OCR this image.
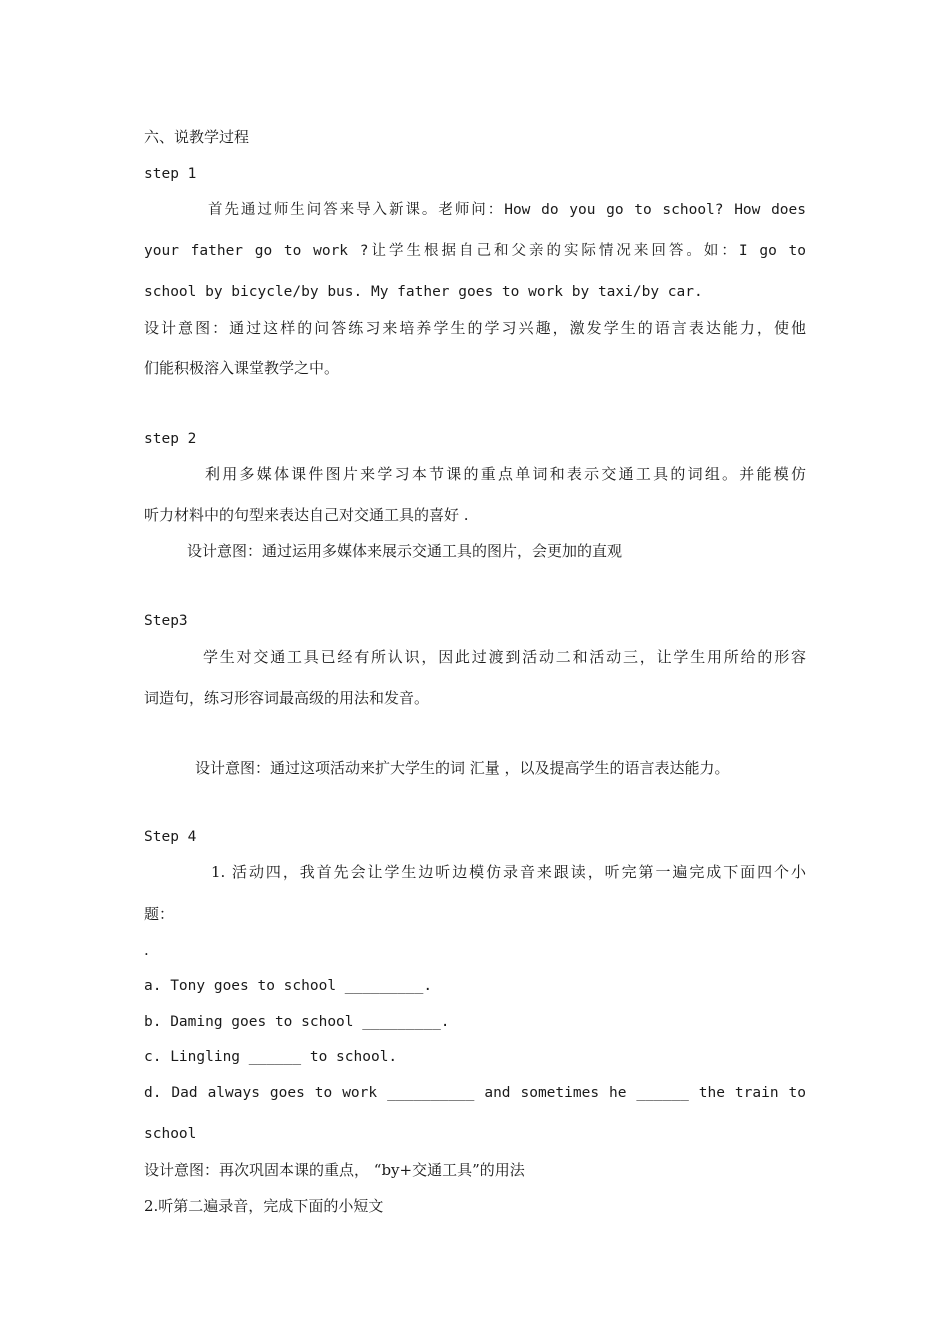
六、说教学过程
step 1
首先通过师生问答来导入新课。老师问：How do you go to school? How does
your father go to work ?让学生根据自己和父亲的实际情况来回答。如：I go to
school by bicycle/by bus. My father goes to work by taxi/by car.
设计意图：通过这样的问答练习来培养学生的学习兴趣，激发学生的语言表达能力，使他
们能积极溶入课堂教学之中。
step 2
利用多媒体课件图片来学习本节课的重点单词和表示交通工具的词组。并能模仿
听力材料中的句型来表达自己对交通工具的喜好 .
设计意图：通过运用多媒体来展示交通工具的图片，会更加的直观
Step3
学生对交通工具已经有所认识，因此过渡到活动二和活动三，让学生用所给的形容
词造句，练习形容词最高级的用法和发音。
设计意图：通过这项活动来扩大学生的词 汇量 ，以及提高学生的语言表达能力。
Step 4
1. 活动四，我首先会让学生边听边模仿录音来跟读，听完第一遍完成下面四个小
题：
.
a. Tony goes to school _________.
b. Daming goes to school _________.
c. Lingling ______ to school.
d. Dad always goes to work __________ and sometimes he ______ the train to
school
设计意图：再次巩固本课的重点， “by+交通工具”的用法
2.听第二遍录音，完成下面的小短文
